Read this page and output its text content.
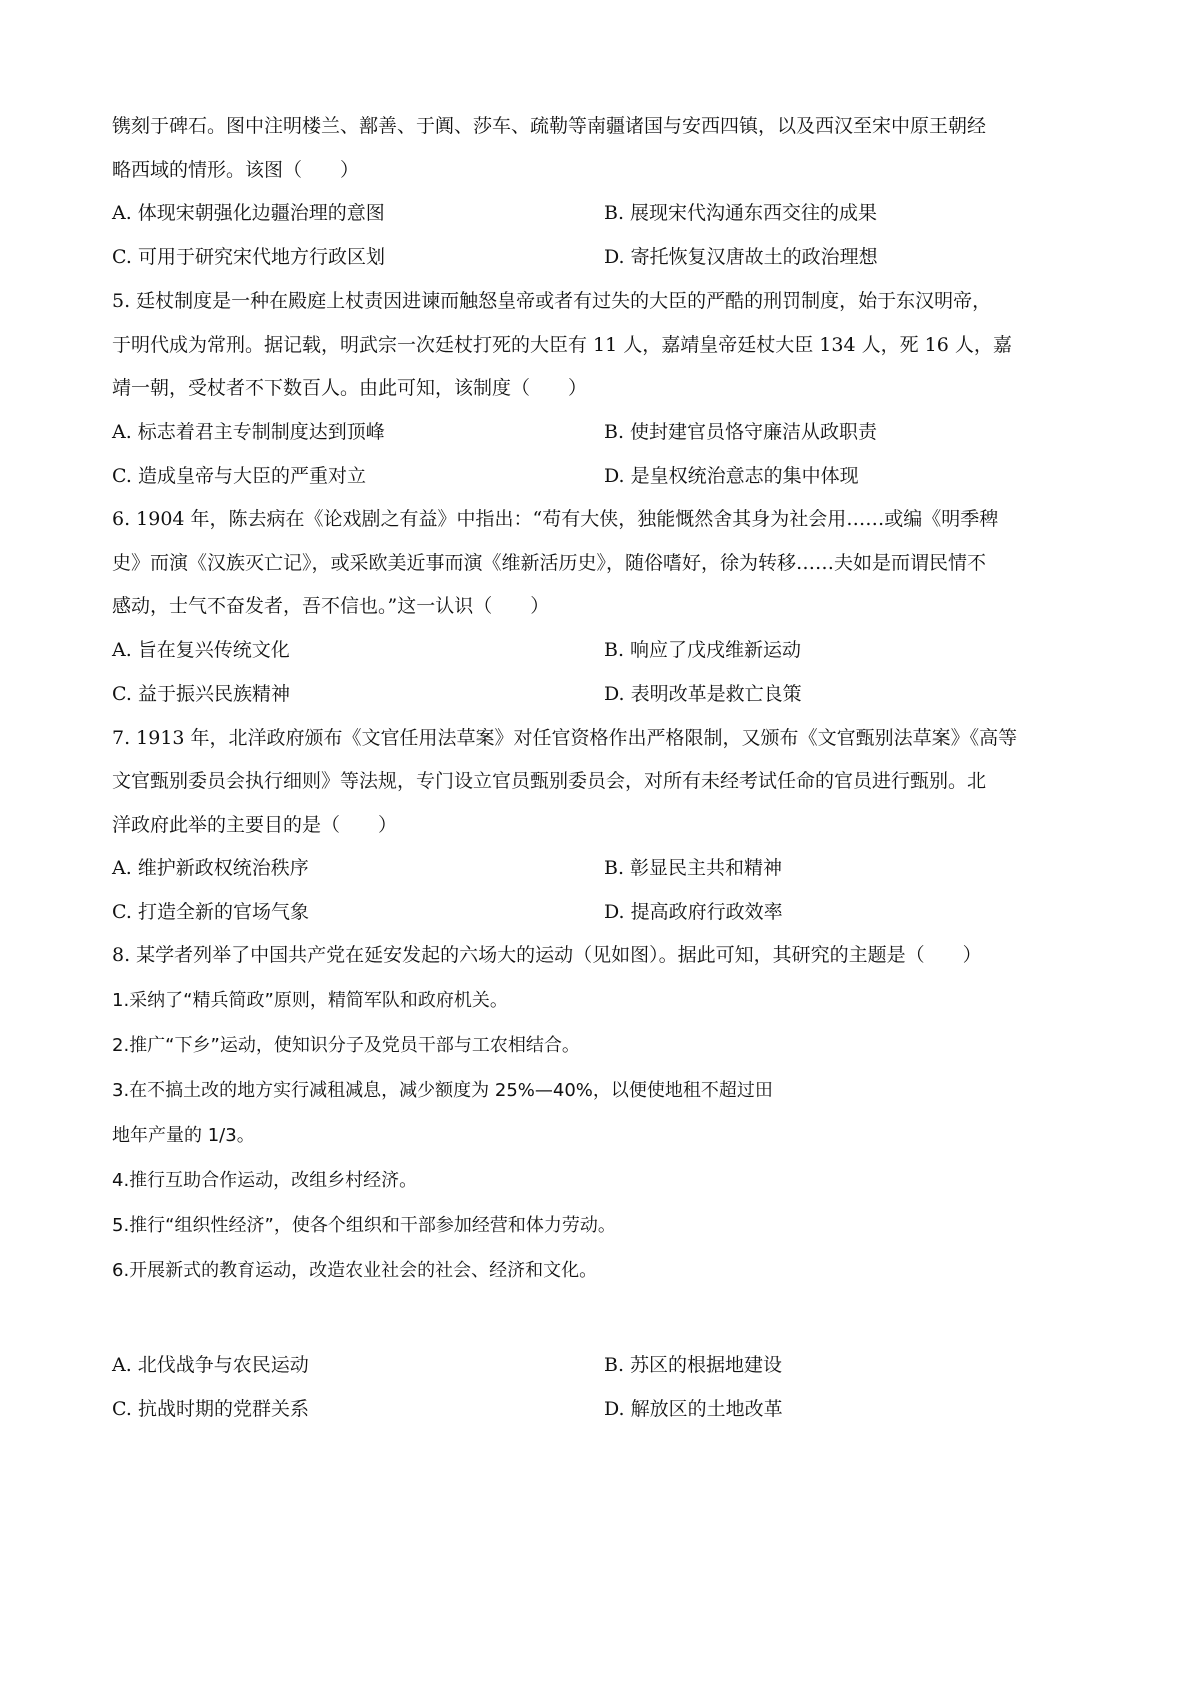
镌刻于碑石。图中注明楼兰、鄯善、于阗、莎车、疏勒等南疆诸国与安西四镇，以及西汉至宋中原王朝经
略西域的情形。该图（　　）
A. 体现宋朝强化边疆治理的意图	B. 展现宋代沟通东西交往的成果
C. 可用于研究宋代地方行政区划	D. 寄托恢复汉唐故土的政治理想
5. 廷杖制度是一种在殿庭上杖责因进谏而触怒皇帝或者有过失的大臣的严酷的刑罚制度，始于东汉明帝，
于明代成为常刑。据记载，明武宗一次廷杖打死的大臣有 11 人，嘉靖皇帝廷杖大臣 134 人，死 16 人，嘉
靖一朝，受杖者不下数百人。由此可知，该制度（　　）
A. 标志着君主专制制度达到顶峰	B. 使封建官员恪守廉洁从政职责
C. 造成皇帝与大臣的严重对立	D. 是皇权统治意志的集中体现
6. 1904 年，陈去病在《论戏剧之有益》中指出：“苟有大侠，独能慨然舍其身为社会用……或编《明季稗
史》而演《汉族灭亡记》，或采欧美近事而演《维新活历史》，随俗嗜好，徐为转移……夫如是而谓民情不
感动，士气不奋发者，吾不信也。”这一认识（　　）
A. 旨在复兴传统文化	B. 响应了戊戌维新运动
C. 益于振兴民族精神	D. 表明改革是救亡良策
7. 1913 年，北洋政府颁布《文官任用法草案》对任官资格作出严格限制，又颁布《文官甄别法草案》《高等
文官甄别委员会执行细则》等法规，专门设立官员甄别委员会，对所有未经考试任命的官员进行甄别。北
洋政府此举的主要目的是（　　）
A. 维护新政权统治秩序	B. 彰显民主共和精神
C. 打造全新的官场气象	D. 提高政府行政效率
8. 某学者列举了中国共产党在延安发起的六场大的运动（见如图）。据此可知，其研究的主题是（　　）
1.采纳了“精兵简政”原则，精简军队和政府机关。
2.推广“下乡”运动，使知识分子及党员干部与工农相结合。
3.在不搞土改的地方实行减租减息，减少额度为 25%—40%，以便使地租不超过田
地年产量的 1/3。
4.推行互助合作运动，改组乡村经济。
5.推行“组织性经济”，使各个组织和干部参加经营和体力劳动。
6.开展新式的教育运动，改造农业社会的社会、经济和文化。
A. 北伐战争与农民运动	B. 苏区的根据地建设
C. 抗战时期的党群关系	D. 解放区的土地改革
